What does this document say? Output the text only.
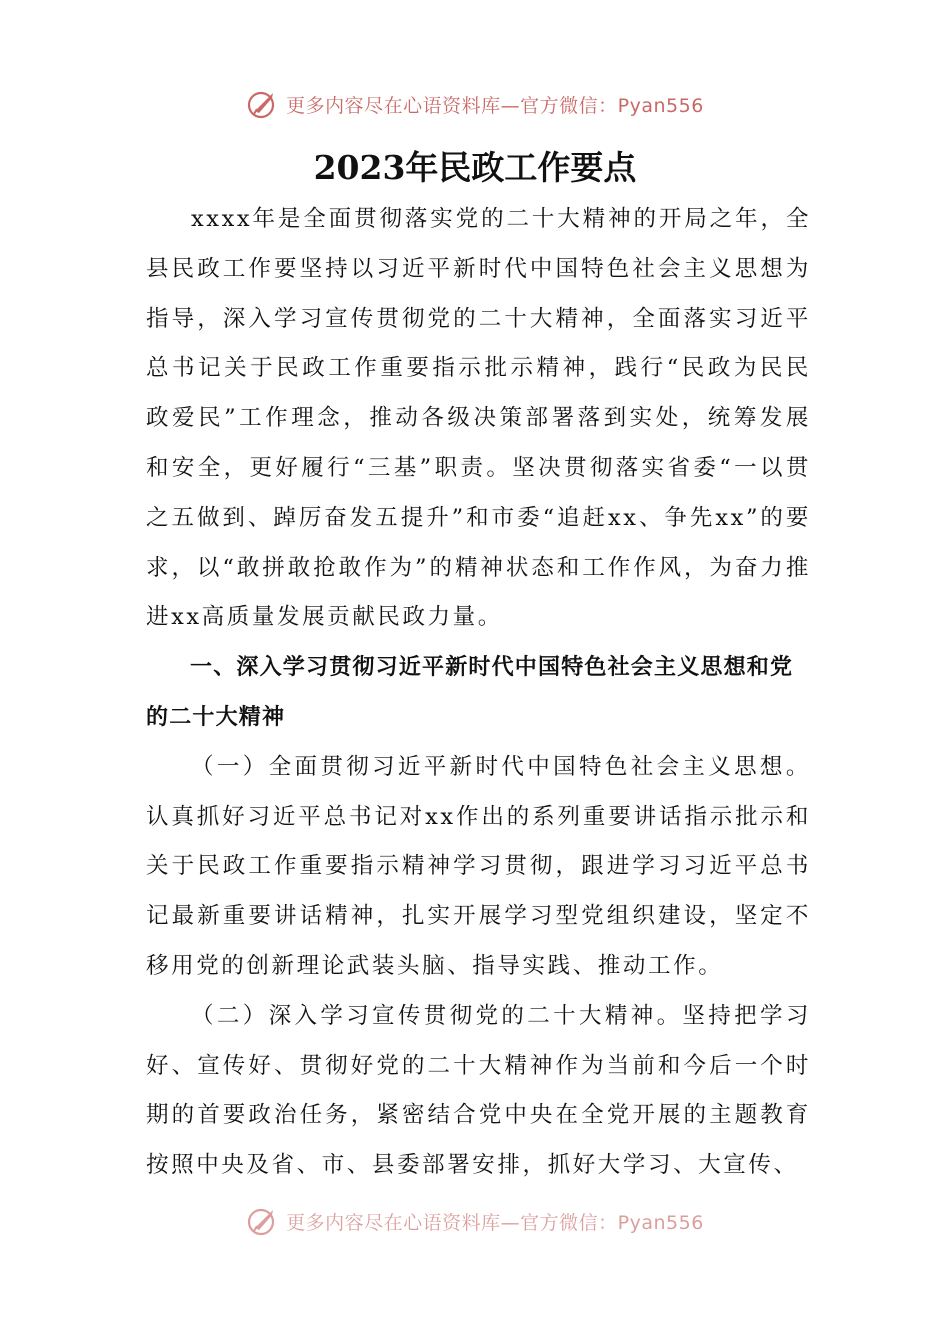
更多内容尽在心语资料库—官方微信：Pyan556
2023年民政工作要点

xxxx年是全面贯彻落实党的二十大精神的开局之年，全县民政工作要坚持以习近平新时代中国特色社会主义思想为指导，深入学习宣传贯彻党的二十大精神，全面落实习近平总书记关于民政工作重要指示批示精神，践行“民政为民民政爱民”工作理念，推动各级决策部署落到实处，统筹发展和安全，更好履行“三基”职责。坚决贯彻落实省委“一以贯之五做到、踔厉奋发五提升”和市委“追赶xx、争先xx”的要求，以“敢拼敢抢敢作为”的精神状态和工作作风，为奋力推进xx高质量发展贡献民政力量。

一、深入学习贯彻习近平新时代中国特色社会主义思想和党的二十大精神

（一）全面贯彻习近平新时代中国特色社会主义思想。认真抓好习近平总书记对xx作出的系列重要讲话指示批示和关于民政工作重要指示精神学习贯彻，跟进学习习近平总书记最新重要讲话精神，扎实开展学习型党组织建设，坚定不移用党的创新理论武装头脑、指导实践、推动工作。

（二）深入学习宣传贯彻党的二十大精神。坚持把学习好、宣传好、贯彻好党的二十大精神作为当前和今后一个时期的首要政治任务，紧密结合党中央在全党开展的主题教育按照中央及省、市、县委部署安排，抓好大学习、大宣传、

更多内容尽在心语资料库—官方微信：Pyan556
